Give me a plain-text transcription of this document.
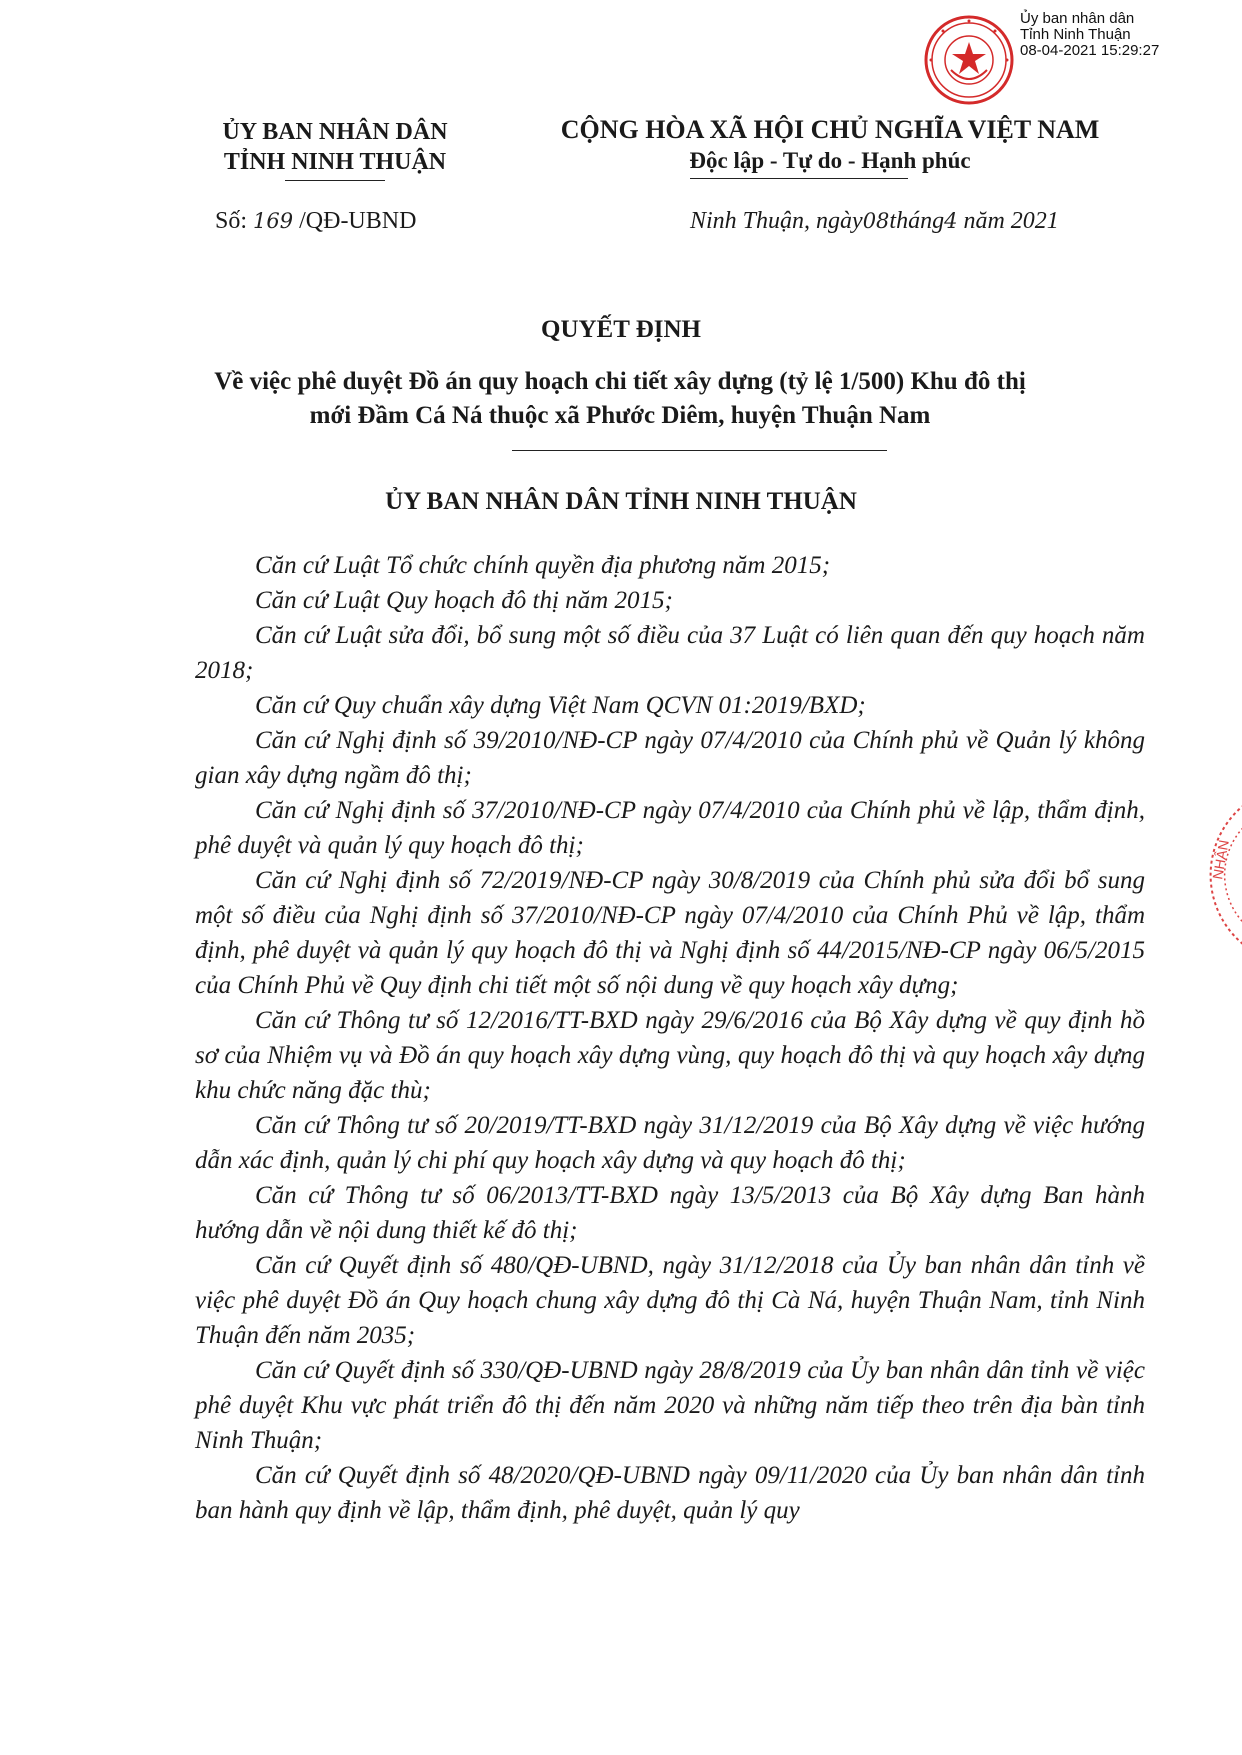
Ủy ban nhân dân
Tỉnh Ninh Thuận
08-04-2021 15:29:27
ỦY BAN NHÂN DÂN
TỈNH NINH THUẬN
CỘNG HÒA XÃ HỘI CHỦ NGHĨA VIỆT NAM
Độc lập - Tự do - Hạnh phúc
Số: 169 /QĐ-UBND	Ninh Thuận, ngày08tháng4 năm 2021
QUYẾT ĐỊNH
Về việc phê duyệt Đồ án quy hoạch chi tiết xây dựng (tỷ lệ 1/500) Khu đô thị
mới Đầm Cá Ná thuộc xã Phước Diêm, huyện Thuận Nam
ỦY BAN NHÂN DÂN TỈNH NINH THUẬN

Căn cứ Luật Tổ chức chính quyền địa phương năm 2015;

Căn cứ Luật Quy hoạch đô thị năm 2015;

Căn cứ Luật sửa đổi, bổ sung một số điều của 37 Luật có liên quan đến quy hoạch năm 2018;

Căn cứ Quy chuẩn xây dựng Việt Nam QCVN 01:2019/BXD;

Căn cứ Nghị định số 39/2010/NĐ-CP ngày 07/4/2010 của Chính phủ về Quản lý không gian xây dựng ngầm đô thị;

Căn cứ Nghị định số 37/2010/NĐ-CP ngày 07/4/2010 của Chính phủ về lập, thẩm định, phê duyệt và quản lý quy hoạch đô thị;

Căn cứ Nghị định số 72/2019/NĐ-CP ngày 30/8/2019 của Chính phủ sửa đổi bổ sung một số điều của Nghị định số 37/2010/NĐ-CP ngày 07/4/2010 của Chính Phủ về lập, thẩm định, phê duyệt và quản lý quy hoạch đô thị và Nghị định số 44/2015/NĐ-CP ngày 06/5/2015 của Chính Phủ về Quy định chi tiết một số nội dung về quy hoạch xây dựng;

Căn cứ Thông tư số 12/2016/TT-BXD ngày 29/6/2016 của Bộ Xây dựng về quy định hồ sơ của Nhiệm vụ và Đồ án quy hoạch xây dựng vùng, quy hoạch đô thị và quy hoạch xây dựng khu chức năng đặc thù;

Căn cứ Thông tư số 20/2019/TT-BXD ngày 31/12/2019 của Bộ Xây dựng về việc hướng dẫn xác định, quản lý chi phí quy hoạch xây dựng và quy hoạch đô thị;

Căn cứ Thông tư số 06/2013/TT-BXD ngày 13/5/2013 của Bộ Xây dựng Ban hành hướng dẫn về nội dung thiết kế đô thị;

Căn cứ Quyết định số 480/QĐ-UBND, ngày 31/12/2018 của Ủy ban nhân dân tỉnh về việc phê duyệt Đồ án Quy hoạch chung xây dựng đô thị Cà Ná, huyện Thuận Nam, tỉnh Ninh Thuận đến năm 2035;

Căn cứ Quyết định số 330/QĐ-UBND ngày 28/8/2019 của Ủy ban nhân dân tỉnh về việc phê duyệt Khu vực phát triển đô thị đến năm 2020 và những năm tiếp theo trên địa bàn tỉnh Ninh Thuận;

Căn cứ Quyết định số 48/2020/QĐ-UBND ngày 09/11/2020 của Ủy ban nhân dân tỉnh ban hành quy định về lập, thẩm định, phê duyệt, quản lý quy

NHÂN
